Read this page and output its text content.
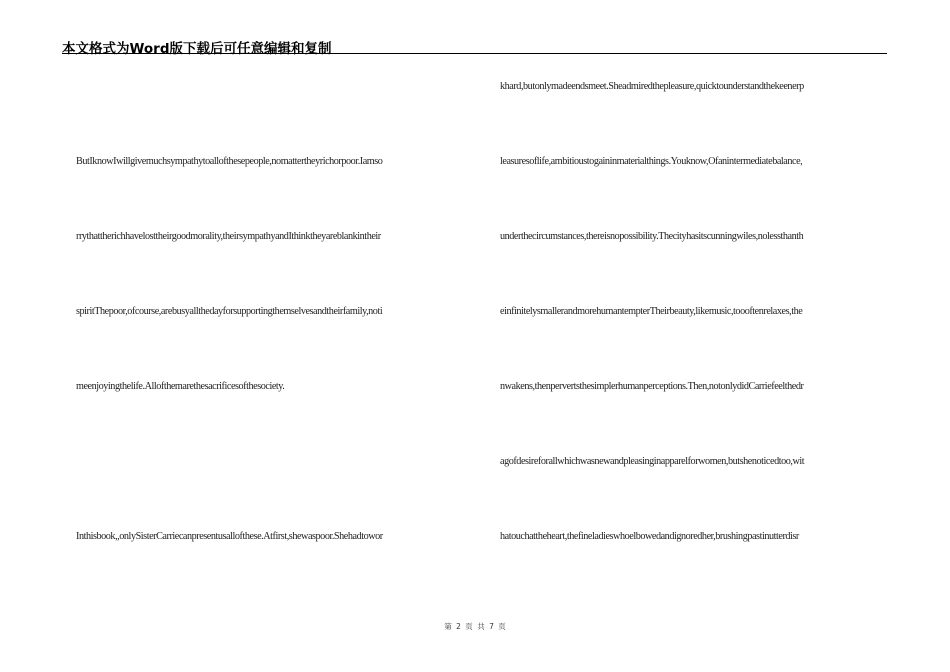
本文格式为Word版下载后可任意编辑和复制
ButIknowIwillgivemuchsympathytoallofthesepeople,nomattertheyrichorpoor.Iamso
rrythattherichhavelosttheirgoodmorality,theirsympathyandIthinktheyareblankintheir
spiritThepoor,ofcourse,arebusyallthedayforsupportingthemselvesandtheirfamily,noti
meenjoyingthelife.Allofthemarethesacrificesofthesociety.
Inthisbook,,onlySisterCarriecanpresentusallofthese.Atfirst,shewaspoor.Shehadtowor
khard,butonlymadeendsmeet.Sheadmiredthepleasure,quicktounderstandthekeenerp
leasuresoflife,ambitioustogaininmaterialthings.Youknow,Ofanintermediatebalance,
underthecircumstances,thereisnopossibility.Thecityhasitscunningwiles,nolessthanth
einfinitelysmallerandmorehumantempterTheirbeauty,likemusic,toooftenrelaxes,the
nwakens,thenpervertsthesimplerhumanperceptions.Then,notonlydidCarriefeelthedr
agofdesireforallwhichwasnewandpleasinginapparelforwomen,butshenoticedtoo,wit
hatouchattheheart,thefineladieswhoelbowedandignoredher,brushingpastinutterdisr
第 2 页 共 7 页
